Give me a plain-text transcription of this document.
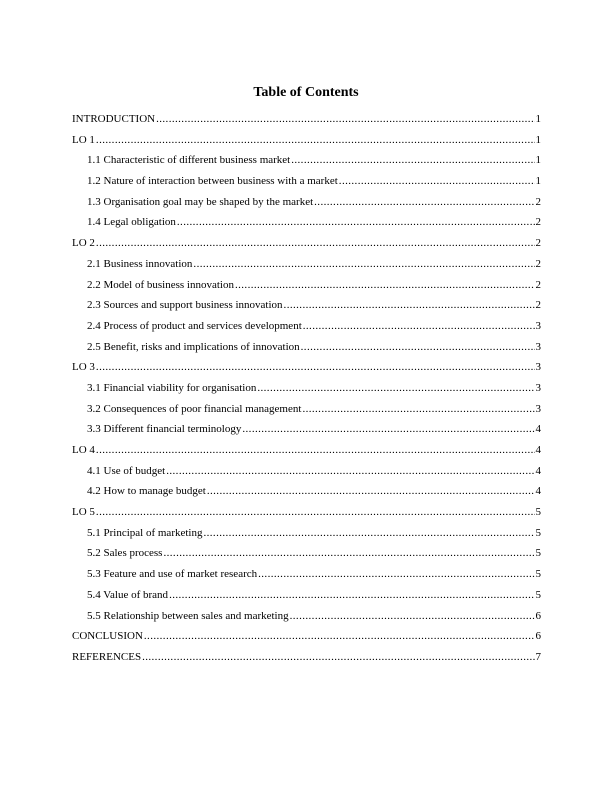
Table of Contents
INTRODUCTION .....	1
LO 1 .....	1
1.1 Characteristic of different business market .....	1
1.2 Nature of interaction between business with a market .....	1
1.3 Organisation goal may be shaped by the market .....	2
1.4 Legal obligation .....	2
LO 2 .....	2
2.1 Business innovation .....	2
2.2 Model of business innovation .....	2
2.3 Sources and support business innovation .....	2
2.4 Process of product and services development .....	3
2.5 Benefit, risks and implications of innovation .....	3
LO 3 .....	3
3.1 Financial viability for organisation .....	3
3.2 Consequences of poor financial management .....	3
3.3 Different financial terminology .....	4
LO 4 .....	4
4.1 Use of budget .....	4
4.2 How to manage budget .....	4
LO 5 .....	5
5.1 Principal of marketing .....	5
5.2 Sales process .....	5
5.3 Feature and use of market research .....	5
5.4 Value of brand .....	5
5.5 Relationship between sales and marketing .....	6
CONCLUSION .....	6
REFERENCES .....	7
